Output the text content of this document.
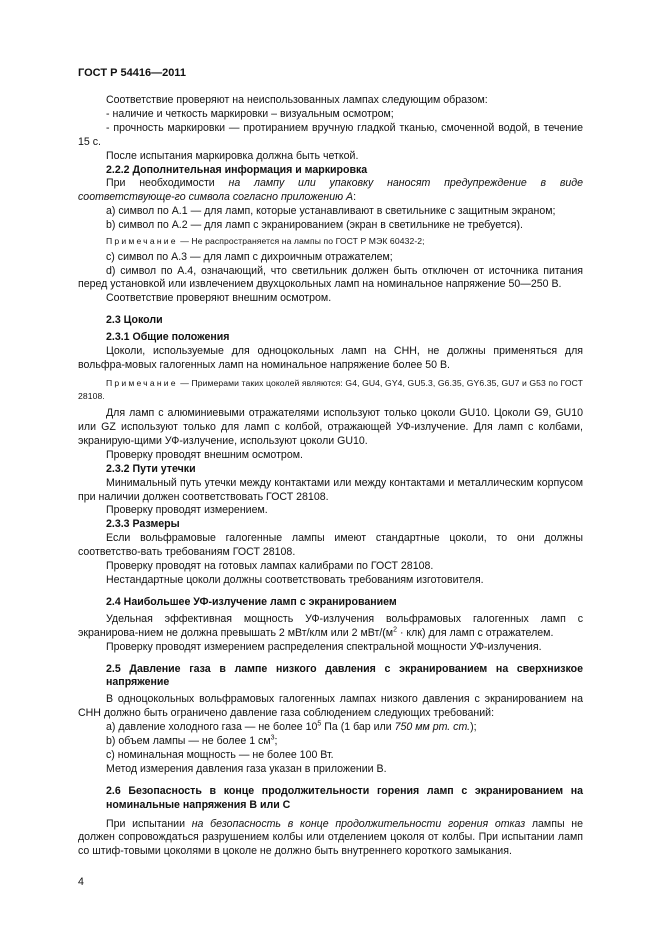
ГОСТ Р 54416—2011

Соответствие проверяют на неиспользованных лампах следующим образом:

- наличие и четкость маркировки – визуальным осмотром;

- прочность маркировки — протиранием вручную гладкой тканью, смоченной водой, в течение 15 с.

После испытания маркировка должна быть четкой.

2.2.2 Дополнительная информация и маркировка

При необходимости на лампу или упаковку наносят предупреждение в виде соответствующе-го символа согласно приложению А:

а) символ по А.1 — для ламп, которые устанавливают в светильнике с защитным экраном;

b) символ по А.2 — для ламп с экранированием (экран в светильнике не требуется).

Примечание — Не распространяется на лампы по ГОСТ Р МЭК 60432-2;

с) символ по А.3 — для ламп с дихроичным отражателем;

d) символ по А.4, означающий, что светильник должен быть отключен от источника питания перед установкой или извлечением двухцокольных ламп на номинальное напряжение 50—250 В.

Соответствие проверяют внешним осмотром.

2.3 Цоколи

2.3.1 Общие положения

Цоколи, используемые для одноцокольных ламп на СНН, не должны применяться для вольфра-мовых галогенных ламп на номинальное напряжение более 50 В.

Примечание — Примерами таких цоколей являются: G4, GU4, GY4, GU5.3, G6.35, GY6.35, GU7 и G53 по ГОСТ 28108.

Для ламп с алюминиевыми отражателями используют только цоколи GU10. Цоколи G9, GU10 или GZ используют только для ламп с колбой, отражающей УФ-излучение. Для ламп с колбами, экранирую-щими УФ-излучение, используют цоколи GU10.

Проверку проводят внешним осмотром.

2.3.2 Пути утечки

Минимальный путь утечки между контактами или между контактами и металлическим корпусом при наличии должен соответствовать ГОСТ 28108.

Проверку проводят измерением.

2.3.3 Размеры

Если вольфрамовые галогенные лампы имеют стандартные цоколи, то они должны соответство-вать требованиям ГОСТ 28108.

Проверку проводят на готовых лампах калибрами по ГОСТ 28108.

Нестандартные цоколи должны соответствовать требованиям изготовителя.

2.4 Наибольшее УФ-излучение ламп с экранированием

Удельная эффективная мощность УФ-излучения вольфрамовых галогенных ламп с экранирова-нием не должна превышать 2 мВт/клм или 2 мВт/$(м^2 \cdot клк)$ для ламп с отражателем.

Проверку проводят измерением распределения спектральной мощности УФ-излучения.

2.5 Давление газа в лампе низкого давления с экранированием на сверхнизкое напряжение

В одноцокольных вольфрамовых галогенных лампах низкого давления с экранированием на СНН должно быть ограничено давление газа соблюдением следующих требований:

а) давление холодного газа — не более $10^5$ Па (1 бар или 750 мм рт. ст.);

b) объем лампы — не более 1 $см^3$;

с) номинальная мощность — не более 100 Вт.

Метод измерения давления газа указан в приложении В.

2.6 Безопасность в конце продолжительности горения ламп с экранированием на номинальные напряжения В или С

При испытании на безопасность в конце продолжительности горения отказ лампы не должен сопровождаться разрушением колбы или отделением цоколя от колбы. При испытании ламп со штиф-товыми цоколями в цоколе не должно быть внутреннего короткого замыкания.

4
